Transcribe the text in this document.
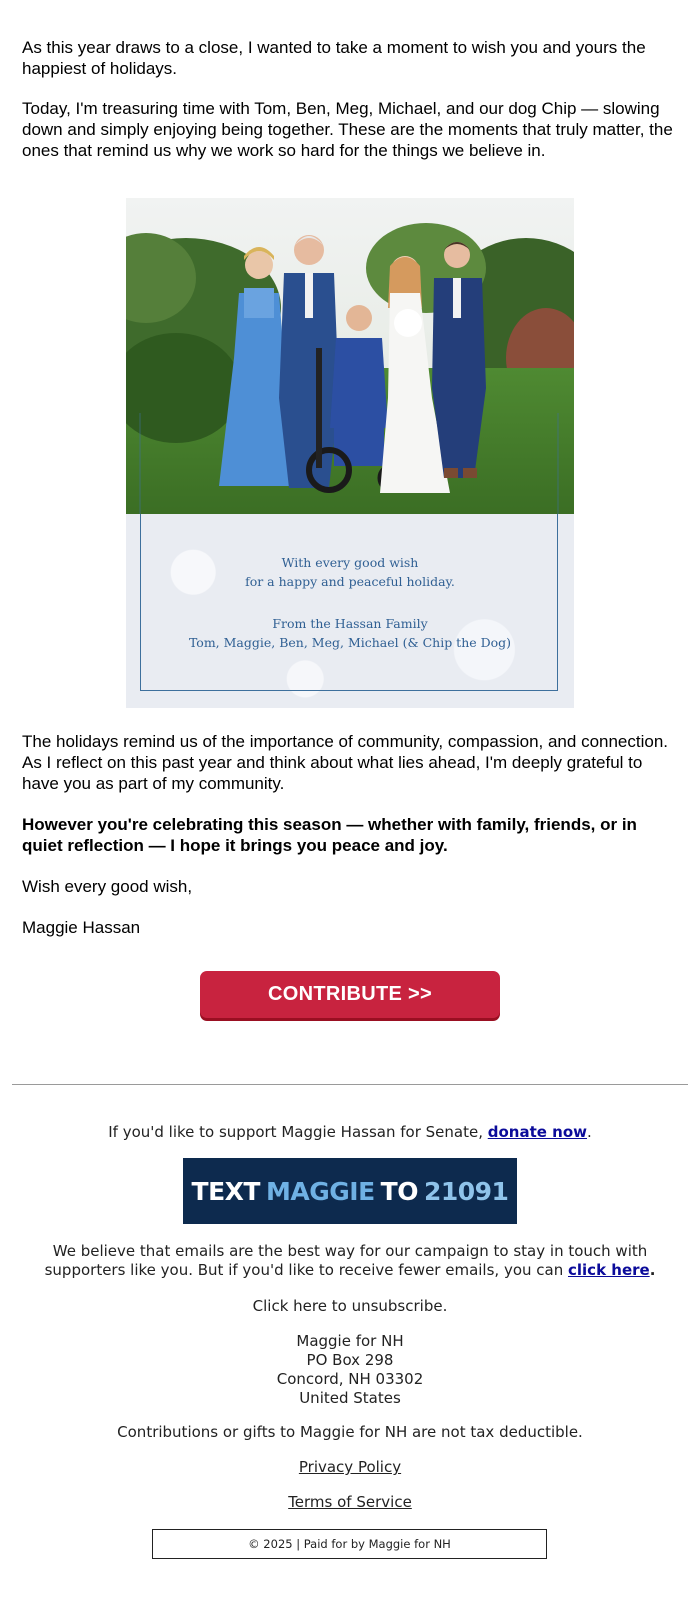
As this year draws to a close, I wanted to take a moment to wish you and yours the happiest of holidays.

Today, I'm treasuring time with Tom, Ben, Meg, Michael, and our dog Chip — slowing down and simply enjoying being together. These are the moments that truly matter, the ones that remind us why we work so hard for the things we believe in.

With every good wish
for a happy and peaceful holiday.
From the Hassan Family
Tom, Maggie, Ben, Meg, Michael (& Chip the Dog)

The holidays remind us of the importance of community, compassion, and connection. As I reflect on this past year and think about what lies ahead, I'm deeply grateful to have you as part of my community.

However you're celebrating this season — whether with family, friends, or in quiet reflection — I hope it brings you peace and joy.

Wish every good wish,

Maggie Hassan

CONTRIBUTE >>

If you'd like to support Maggie Hassan for Senate, donate now.

TEXT MAGGIE TO 21091

We believe that emails are the best way for our campaign to stay in touch with supporters like you. But if you'd like to receive fewer emails, you can click here.

Click here to unsubscribe.

Maggie for NH
PO Box 298
Concord, NH 03302
United States

Contributions or gifts to Maggie for NH are not tax deductible.

Privacy Policy

Terms of Service

© 2025 | Paid for by Maggie for NH
